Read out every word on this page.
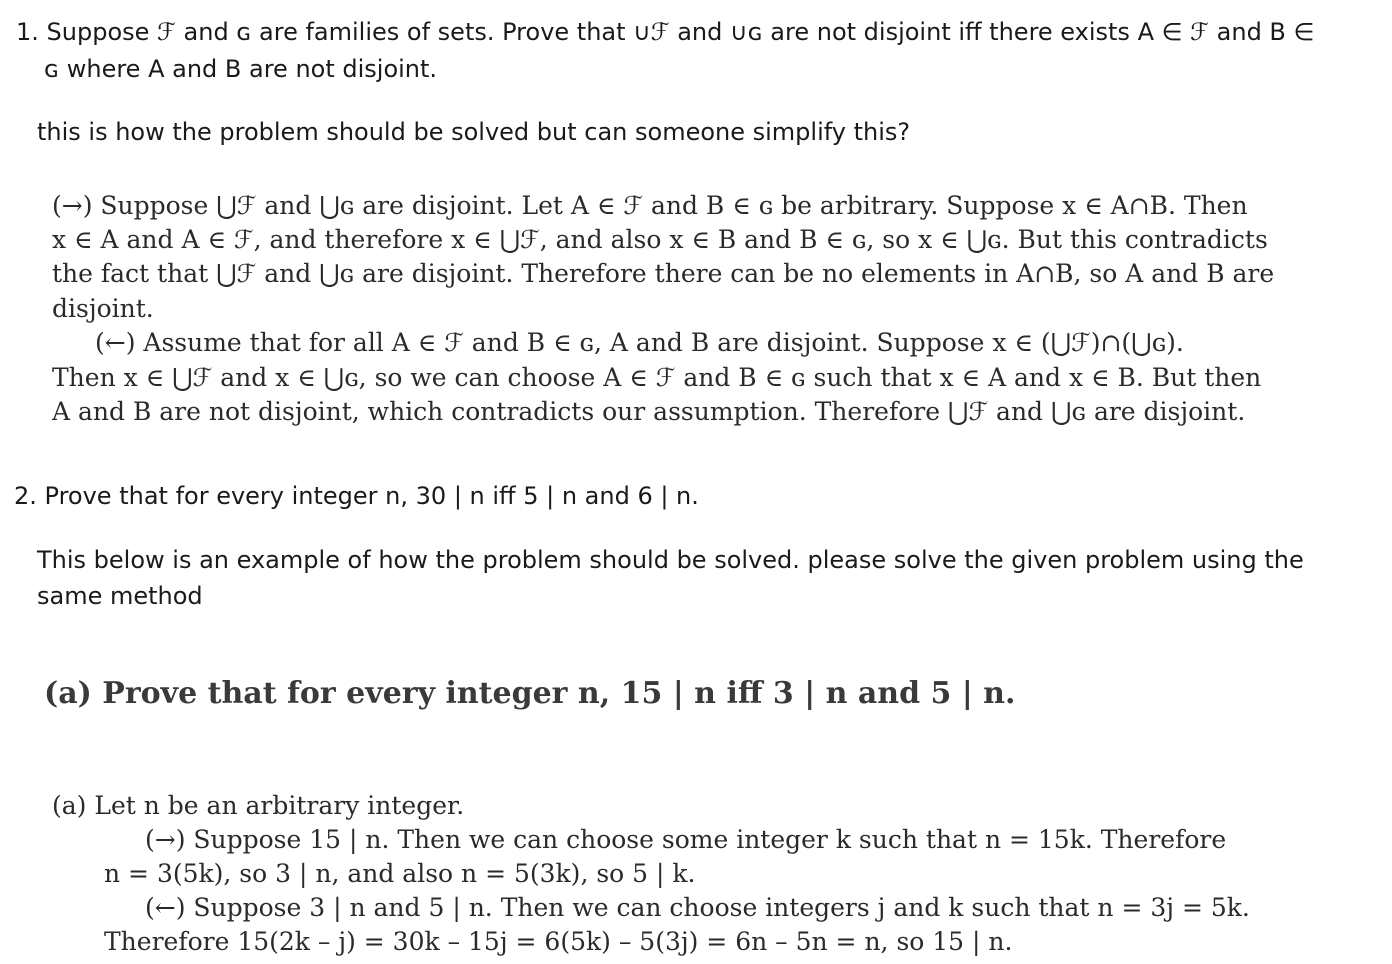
1. Suppose ℱ and ɢ are families of sets. Prove that ∪ℱ and ∪ɢ are not disjoint iff there exists A ∈ ℱ and B ∈
ɢ where A and B are not disjoint.
this is how the problem should be solved but can someone simplify this?
(→) Suppose ⋃ℱ and ⋃ɢ are disjoint. Let A ∈ ℱ and B ∈ ɢ be arbitrary. Suppose x ∈ A∩B. Then
x ∈ A and A ∈ ℱ, and therefore x ∈ ⋃ℱ, and also x ∈ B and B ∈ ɢ, so x ∈ ⋃ɢ. But this contradicts
the fact that ⋃ℱ and ⋃ɢ are disjoint. Therefore there can be no elements in A∩B, so A and B are
disjoint.
(←) Assume that for all A ∈ ℱ and B ∈ ɢ, A and B are disjoint. Suppose x ∈ (⋃ℱ)∩(⋃ɢ).
Then x ∈ ⋃ℱ and x ∈ ⋃ɢ, so we can choose A ∈ ℱ and B ∈ ɢ such that x ∈ A and x ∈ B. But then
A and B are not disjoint, which contradicts our assumption. Therefore ⋃ℱ and ⋃ɢ are disjoint.
2. Prove that for every integer n, 30 | n iff 5 | n and 6 | n.
This below is an example of how the problem should be solved. please solve the given problem using the
same method
(a) Prove that for every integer n, 15 | n iff 3 | n and 5 | n.
(a) Let n be an arbitrary integer.
(→) Suppose 15 | n. Then we can choose some integer k such that n = 15k. Therefore
n = 3(5k), so 3 | n, and also n = 5(3k), so 5 | k.
(←) Suppose 3 | n and 5 | n. Then we can choose integers j and k such that n = 3j = 5k.
Therefore 15(2k – j) = 30k – 15j = 6(5k) – 5(3j) = 6n – 5n = n, so 15 | n.
